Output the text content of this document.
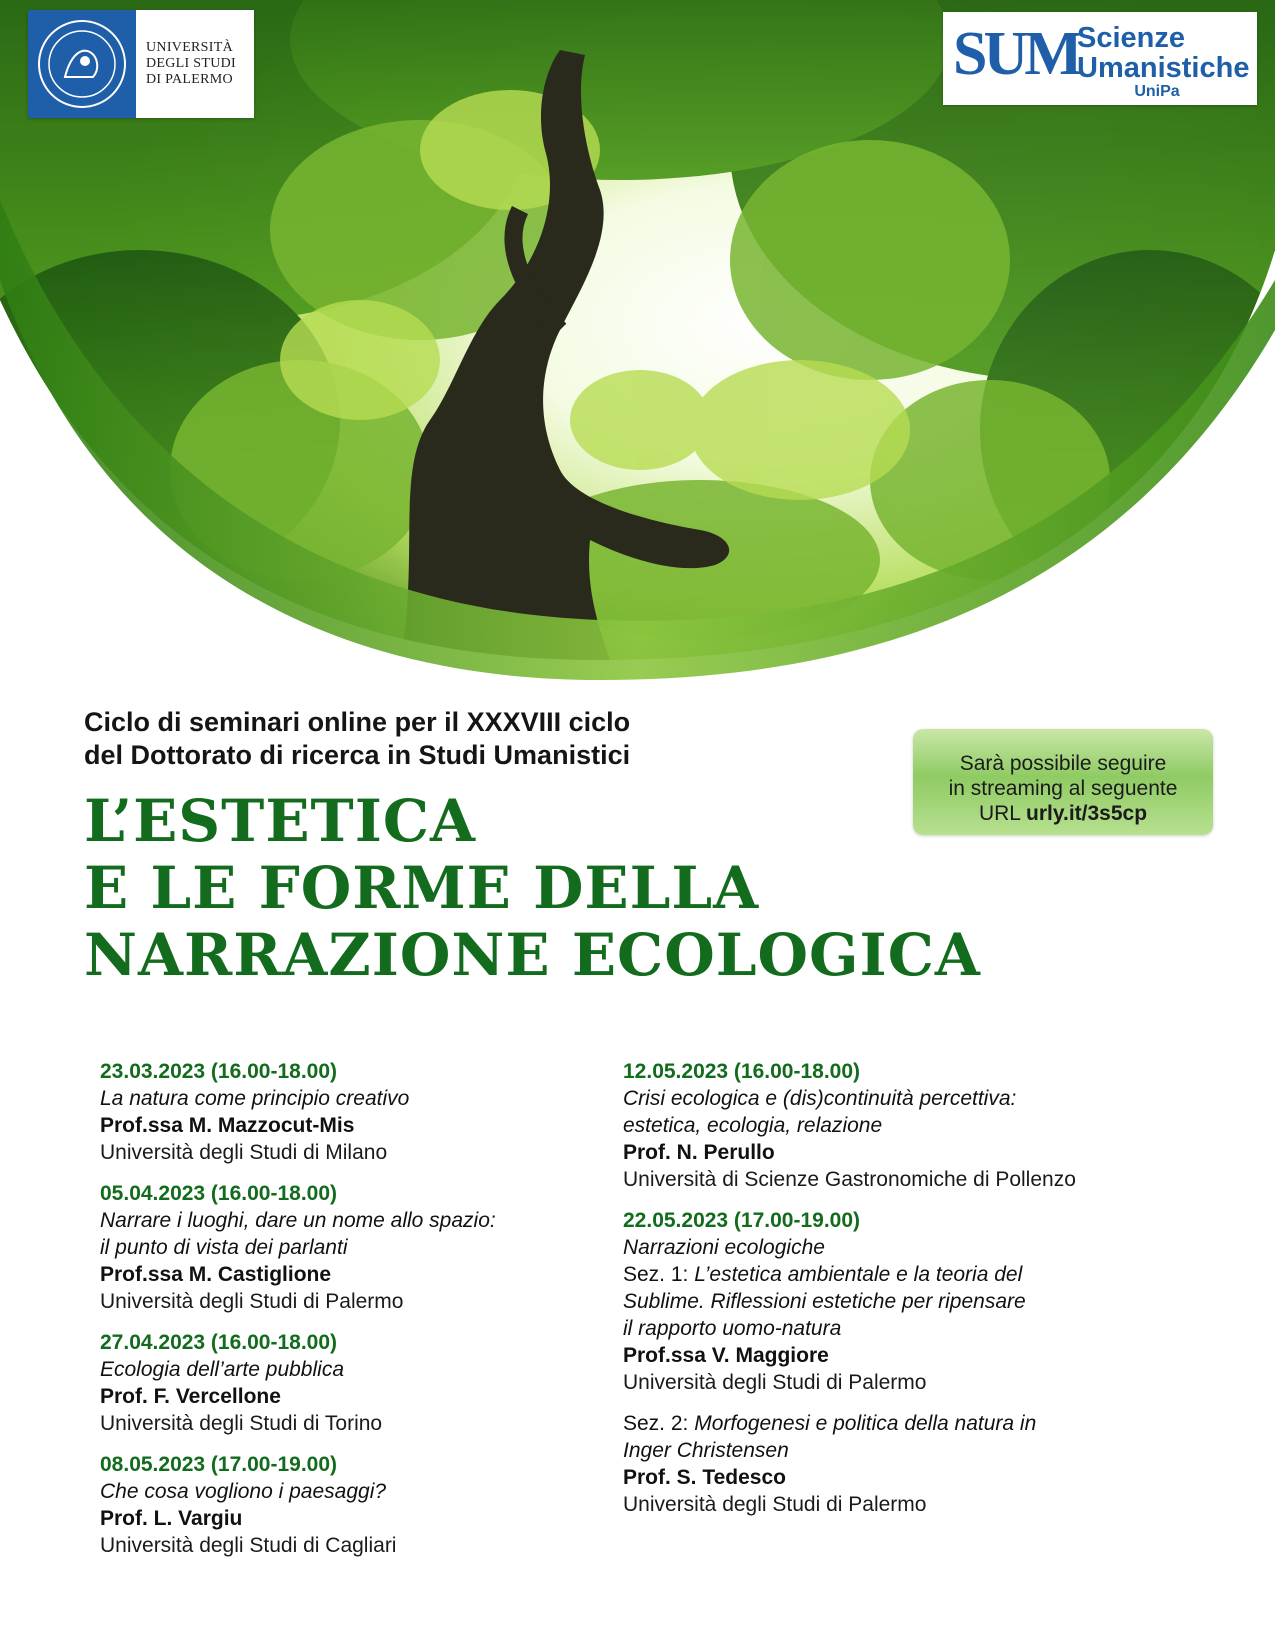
UNIVERSITÀ
DEGLI STUDI
DI PALERMO	SUM
Scienze
Umanistiche
UniPa
Ciclo di seminari online per il XXXVIII ciclo
del Dottorato di ricerca in Studi Umanistici
L’ESTETICA
E LE FORME DELLA
NARRAZIONE ECOLOGICA
Sarà possibile seguire
in streaming al seguente
URL urly.it/3s5cp
23.03.2023 (16.00-18.00)
La natura come principio creativo
Prof.ssa M. Mazzocut-Mis
Università degli Studi di Milano
05.04.2023 (16.00-18.00)
Narrare i luoghi, dare un nome allo spazio:
il punto di vista dei parlanti
Prof.ssa M. Castiglione
Università degli Studi di Palermo
27.04.2023 (16.00-18.00)
Ecologia dell’arte pubblica
Prof. F. Vercellone
Università degli Studi di Torino
08.05.2023 (17.00-19.00)
Che cosa vogliono i paesaggi?
Prof. L. Vargiu
Università degli Studi di Cagliari
12.05.2023 (16.00-18.00)
Crisi ecologica e (dis)continuità percettiva:
estetica, ecologia, relazione
Prof. N. Perullo
Università di Scienze Gastronomiche di Pollenzo
22.05.2023 (17.00-19.00)
Narrazioni ecologiche
Sez. 1: L’estetica ambientale e la teoria del
Sublime. Riflessioni estetiche per ripensare
il rapporto uomo-natura
Prof.ssa V. Maggiore
Università degli Studi di Palermo
Sez. 2: Morfogenesi e politica della natura in
Inger Christensen
Prof. S. Tedesco
Università degli Studi di Palermo
